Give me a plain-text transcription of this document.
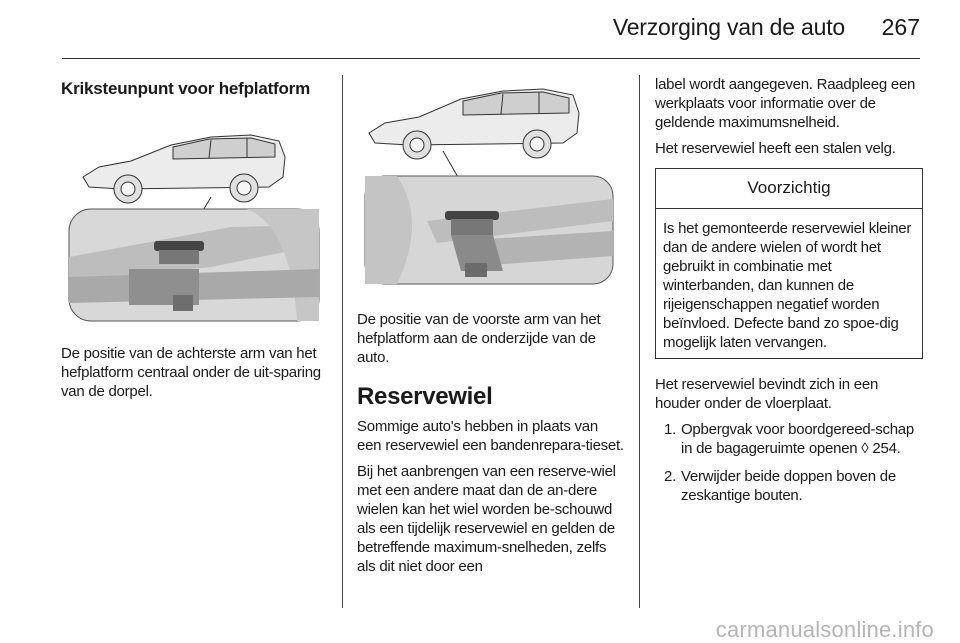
Verzorging van de auto	267
Kriksteunpunt voor hefplatform

De positie van de achterste arm van het hefplatform centraal onder de uit-sparing van de dorpel.

De positie van de voorste arm van het hefplatform aan de onderzijde van de auto.

Reservewiel

Sommige auto's hebben in plaats van een reservewiel een bandenrepara-tieset.

Bij het aanbrengen van een reserve-wiel met een andere maat dan de an-dere wielen kan het wiel worden be-schouwd als een tijdelijk reservewiel en gelden de betreffende maximum-snelheden, zelfs als dit niet door een

label wordt aangegeven. Raadpleeg een werkplaats voor informatie over de geldende maximumsnelheid.

Het reservewiel heeft een stalen velg.

Voorzichtig

Is het gemonteerde reservewiel kleiner dan de andere wielen of wordt het gebruikt in combinatie met winterbanden, dan kunnen de rijeigenschappen negatief worden beïnvloed. Defecte band zo spoe-dig mogelijk laten vervangen.

Het reservewiel bevindt zich in een houder onder de vloerplaat.

1. Opbergvak voor boordgereed-schap in de bagageruimte openen ◊ 254.
2. Verwijder beide doppen boven de zeskantige bouten.
carmanualsonline.info
